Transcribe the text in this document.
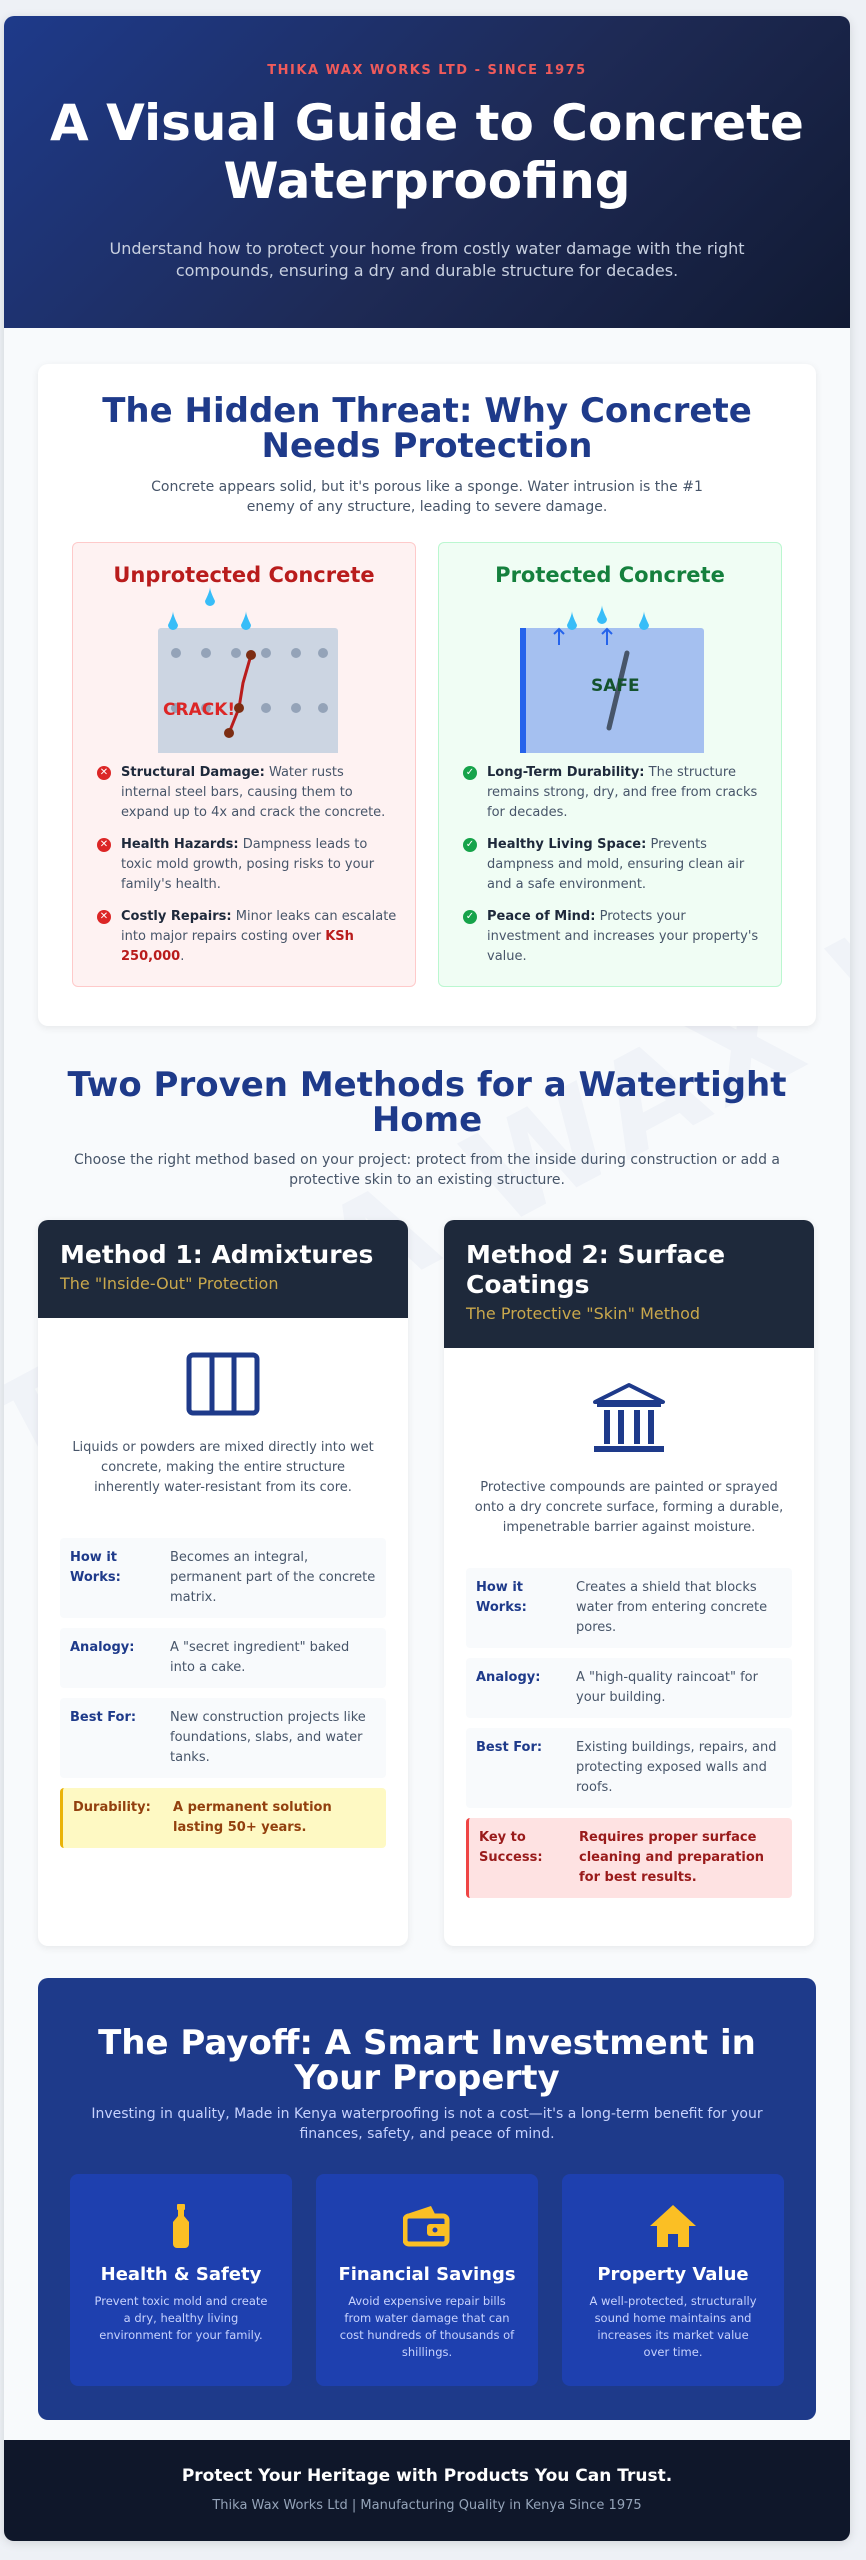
THIKA WAX WORKS LTD - SINCE 1975
A Visual Guide to Concrete Waterproofing
Understand how to protect your home from costly water damage with the right compounds, ensuring a dry and durable structure for decades.
The Hidden Threat: Why Concrete Needs Protection
Concrete appears solid, but it's porous like a sponge. Water intrusion is the #1 enemy of any structure, leading to severe damage.
CRACK!
Unprotected Concrete
✕ Structural Damage: Water rusts internal steel bars, causing them to expand up to 4x and crack the concrete.
✕ Health Hazards: Dampness leads to toxic mold growth, posing risks to your family's health.
✕ Costly Repairs: Minor leaks can escalate into major repairs costing over KSh 250,000.
SAFE
Protected Concrete
✓ Long-Term Durability: The structure remains strong, dry, and free from cracks for decades.
✓ Healthy Living Space: Prevents dampness and mold, ensuring clean air and a safe environment.
✓ Peace of Mind: Protects your investment and increases your property's value.
Two Proven Methods for a Watertight Home
Choose the right method based on your project: protect from the inside during construction or add a protective skin to an existing structure.
Method 1: Admixtures
The "Inside-Out" Protection
Liquids or powders are mixed directly into wet concrete, making the entire structure inherently water-resistant from its core.
How it Works:
Becomes an integral, permanent part of the concrete matrix.
Analogy:	A "secret ingredient" baked into a cake.
Best For:	New construction projects like foundations, slabs, and water tanks.
Durability:	A permanent solution lasting 50+ years.
Method 2: Surface Coatings
The Protective "Skin" Method
Protective compounds are painted or sprayed onto a dry concrete surface, forming a durable, impenetrable barrier against moisture.
How it Works:
Creates a shield that blocks water from entering concrete pores.
Analogy:	A "high-quality raincoat" for your building.
Best For:	Existing buildings, repairs, and protecting exposed walls and roofs.
Key to Success:
Requires proper surface cleaning and preparation for best results.
The Payoff: A Smart Investment in Your Property
Investing in quality, Made in Kenya waterproofing is not a cost—it's a long-term benefit for your finances, safety, and peace of mind.
Health & Safety
Prevent toxic mold and create a dry, healthy living environment for your family.
Financial Savings
Avoid expensive repair bills from water damage that can cost hundreds of thousands of shillings.
Property Value
A well-protected, structurally sound home maintains and increases its market value over time.
Protect Your Heritage with Products You Can Trust.
Thika Wax Works Ltd | Manufacturing Quality in Kenya Since 1975
